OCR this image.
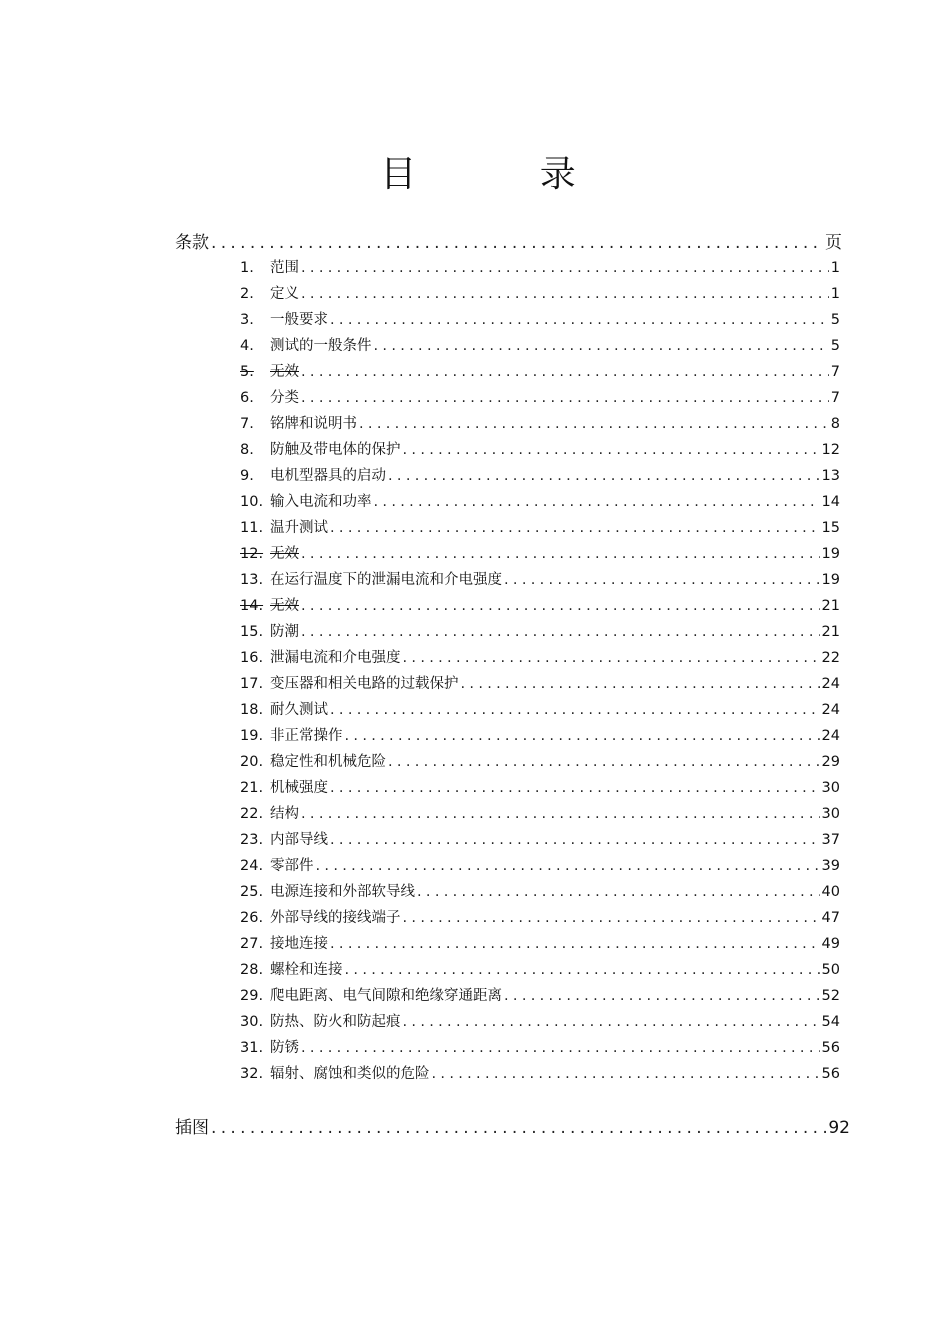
目 录
条款 .....	页
1.	范围 .....	1
2.	定义 .....	1
3.	一般要求 .....	5
4.	测试的一般条件 .....	5
5.	无效 .....	7
6.	分类 .....	7
7.	铭牌和说明书 .....	8
8.	防触及带电体的保护 .....	12
9.	电机型器具的启动 .....	13
10. 输入电流和功率 .....	14
11. 温升测试 .....	15
12. 无效 .....	19
13. 在运行温度下的泄漏电流和介电强度 .....	19
14. 无效 .....	21
15. 防潮 .....	21
16. 泄漏电流和介电强度 .....	22
17. 变压器和相关电路的过载保护 .....	24
18. 耐久测试 .....	24
19. 非正常操作 .....	24
20. 稳定性和机械危险 .....	29
21. 机械强度 .....	30
22. 结构 .....	30
23. 内部导线 .....	37
24. 零部件 .....	39
25. 电源连接和外部软导线 .....	40
26. 外部导线的接线端子 .....	47
27. 接地连接 .....	49
28. 螺栓和连接 .....	50
29. 爬电距离、电气间隙和绝缘穿通距离 .....	52
30. 防热、防火和防起痕 .....	54
31. 防锈 .....	56
32. 辐射、腐蚀和类似的危险 .....	56
插图 .....	92
